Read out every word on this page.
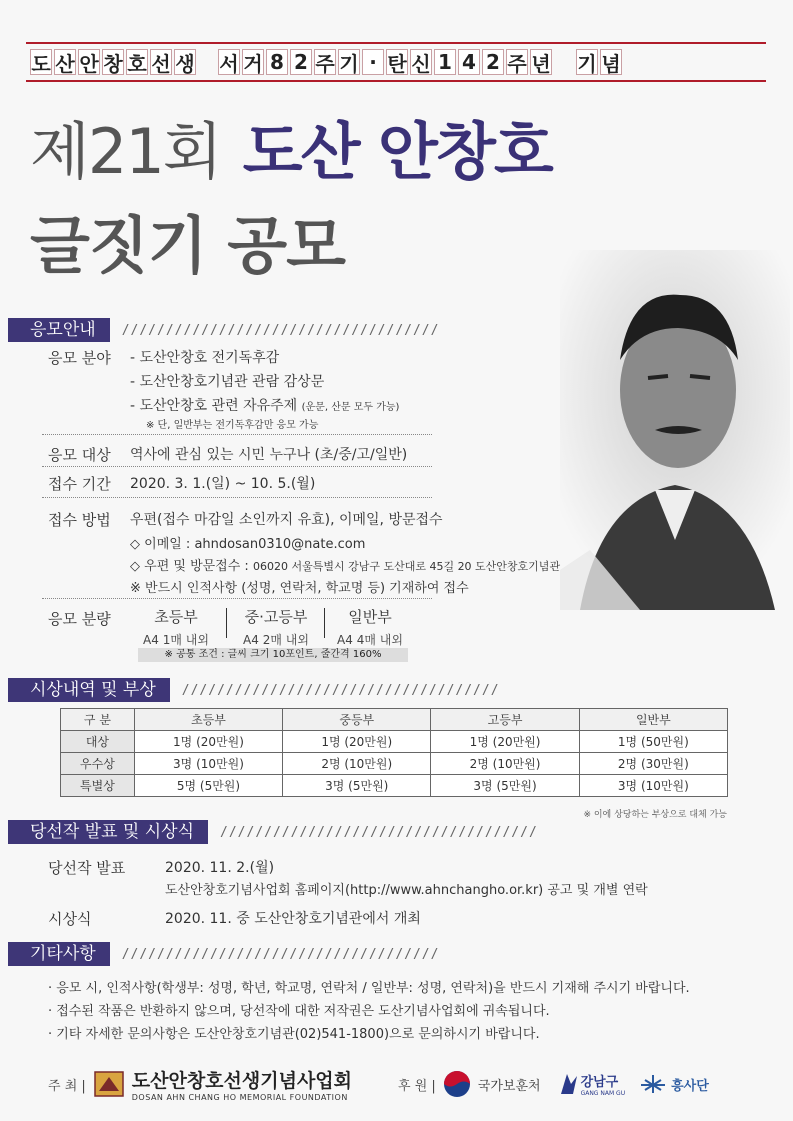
도 산 안 창 호 선 생 서 거 8 2 주 기 · 탄 신 1 4 2 주 년 기 념
제21회 도산 안창호
글짓기 공모
응모안내	////////////////////////////////////
응모 분야 - 도산안창호 전기독후감
- 도산안창호기념관 관람 감상문
- 도산안창호 관련 자유주제 (운문, 산문 모두 가능)
※ 단, 일반부는 전기독후감만 응모 가능
응모 대상 역사에 관심 있는 시민 누구나 (초/중/고/일반)
접수 기간 2020. 3. 1.(일) ~ 10. 5.(월)
접수 방법 우편(접수 마감일 소인까지 유효), 이메일, 방문접수
◇ 이메일 : ahndosan0310@nate.com
◇ 우편 및 방문접수 : 06020 서울특별시 강남구 도산대로 45길 20 도산안창호기념관
※ 반드시 인적사항 (성명, 연락처, 학교명 등) 기재하여 접수
응모 분량	초등부
A4 1매 내외
중·고등부
A4 2매 내외
일반부
A4 4매 내외
※ 공통 조건 : 글씨 크기 10포인트, 줄간격 160%
시상내역 및 부상	////////////////////////////////////
구 분	초등부	중등부	고등부	일반부
대상	1명 (20만원)	1명 (20만원)	1명 (20만원)	1명 (50만원)
우수상	3명 (10만원)	2명 (10만원)	2명 (10만원)	2명 (30만원)
특별상	5명 (5만원)	3명 (5만원)	3명 (5만원)	3명 (10만원)
※ 이에 상당하는 부상으로 대체 가능
당선작 발표 및 시상식	////////////////////////////////////
당선작 발표	2020. 11. 2.(월)
도산안창호기념사업회 홈페이지(http://www.ahnchangho.or.kr) 공고 및 개별 연락
시상식	2020. 11. 중 도산안창호기념관에서 개최
기타사항	////////////////////////////////////
· 응모 시, 인적사항(학생부: 성명, 학년, 학교명, 연락처 / 일반부: 성명, 연락처)을 반드시 기재해 주시기 바랍니다.
· 접수된 작품은 반환하지 않으며, 당선작에 대한 저작권은 도산기념사업회에 귀속됩니다.
· 기타 자세한 문의사항은 도산안창호기념관(02)541-1800)으로 문의하시기 바랍니다.
주 최 | 도산안창호선생기념사업회
DOSAN AHN CHANG HO MEMORIAL FOUNDATION
후 원 |	국가보훈처	강남구
GANG NAM GU	흥사단
